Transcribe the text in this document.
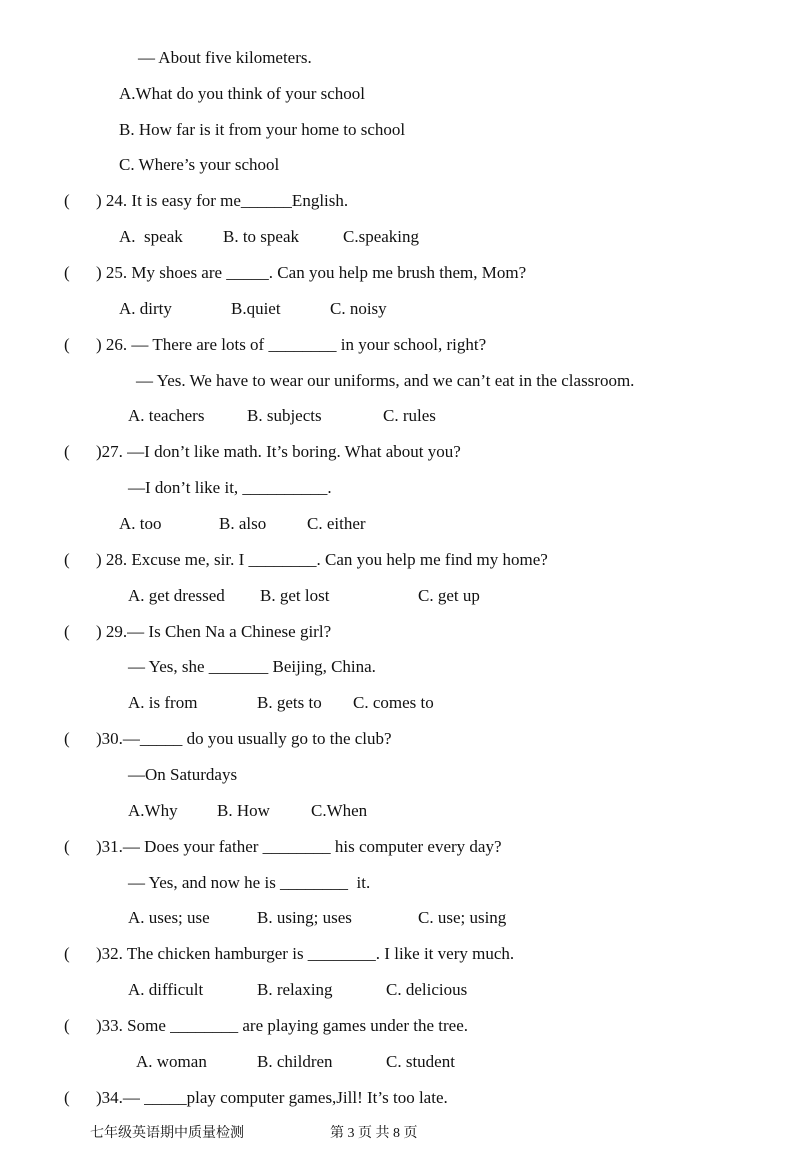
— About five kilometers.
A.What do you think of your school
B. How far is it from your home to school
C. Where’s your school
( ) 24. It is easy for me______English.
A.  speak B. to speak	C.speaking
( ) 25. My shoes are _____. Can you help me brush them, Mom?
A. dirty	B.quiet	C. noisy
( ) 26. — There are lots of ________ in your school, right?
— Yes. We have to wear our uniforms, and we can’t eat in the classroom.
A. teachers	B. subjects	C. rules
( )27. —I don’t like math. It’s boring. What about you?
—I don’t like it, __________.
A. too	B. also C. either
( ) 28. Excuse me, sir. I ________. Can you help me find my home?
A. get dressed B. get lost	C. get up
( ) 29.— Is Chen Na a Chinese girl?
— Yes, she _______ Beijing, China.
A. is from	B. gets to C. comes to
( )30.—_____ do you usually go to the club?
—On Saturdays
A.Why B. How C.When
( )31.— Does your father ________ his computer every day?
— Yes, and now he is ________  it.
A. uses; use	B. using; uses	C. use; using
( )32. The chicken hamburger is ________. I like it very much.
A. difficult	B. relaxing	C. delicious
( )33. Some ________ are playing games under the tree.
A. woman	B. children	C. student
( )34.— _____play computer games,Jill! It’s too late.
七年级英语期中质量检测	第 3 页 共 8 页
